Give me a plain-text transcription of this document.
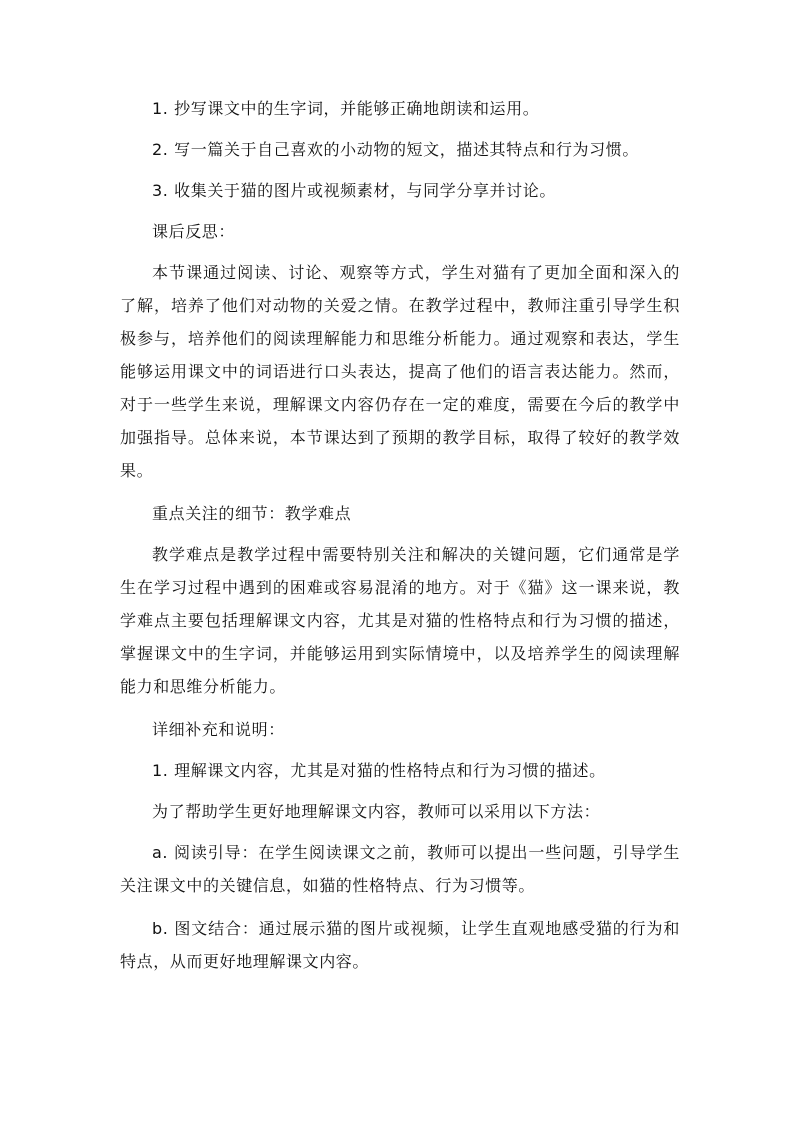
1. 抄写课文中的生字词，并能够正确地朗读和运用。

2. 写一篇关于自己喜欢的小动物的短文，描述其特点和行为习惯。

3. 收集关于猫的图片或视频素材，与同学分享并讨论。

课后反思：

本节课通过阅读、讨论、观察等方式，学生对猫有了更加全面和深入的了解，培养了他们对动物的关爱之情。在教学过程中，教师注重引导学生积极参与，培养他们的阅读理解能力和思维分析能力。通过观察和表达，学生能够运用课文中的词语进行口头表达，提高了他们的语言表达能力。然而，对于一些学生来说，理解课文内容仍存在一定的难度，需要在今后的教学中加强指导。总体来说，本节课达到了预期的教学目标，取得了较好的教学效果。

重点关注的细节：教学难点

教学难点是教学过程中需要特别关注和解决的关键问题，它们通常是学生在学习过程中遇到的困难或容易混淆的地方。对于《猫》这一课来说，教学难点主要包括理解课文内容，尤其是对猫的性格特点和行为习惯的描述，掌握课文中的生字词，并能够运用到实际情境中，以及培养学生的阅读理解能力和思维分析能力。

详细补充和说明：

1. 理解课文内容，尤其是对猫的性格特点和行为习惯的描述。

为了帮助学生更好地理解课文内容，教师可以采用以下方法：

a. 阅读引导：在学生阅读课文之前，教师可以提出一些问题，引导学生关注课文中的关键信息，如猫的性格特点、行为习惯等。

b. 图文结合：通过展示猫的图片或视频，让学生直观地感受猫的行为和特点，从而更好地理解课文内容。
